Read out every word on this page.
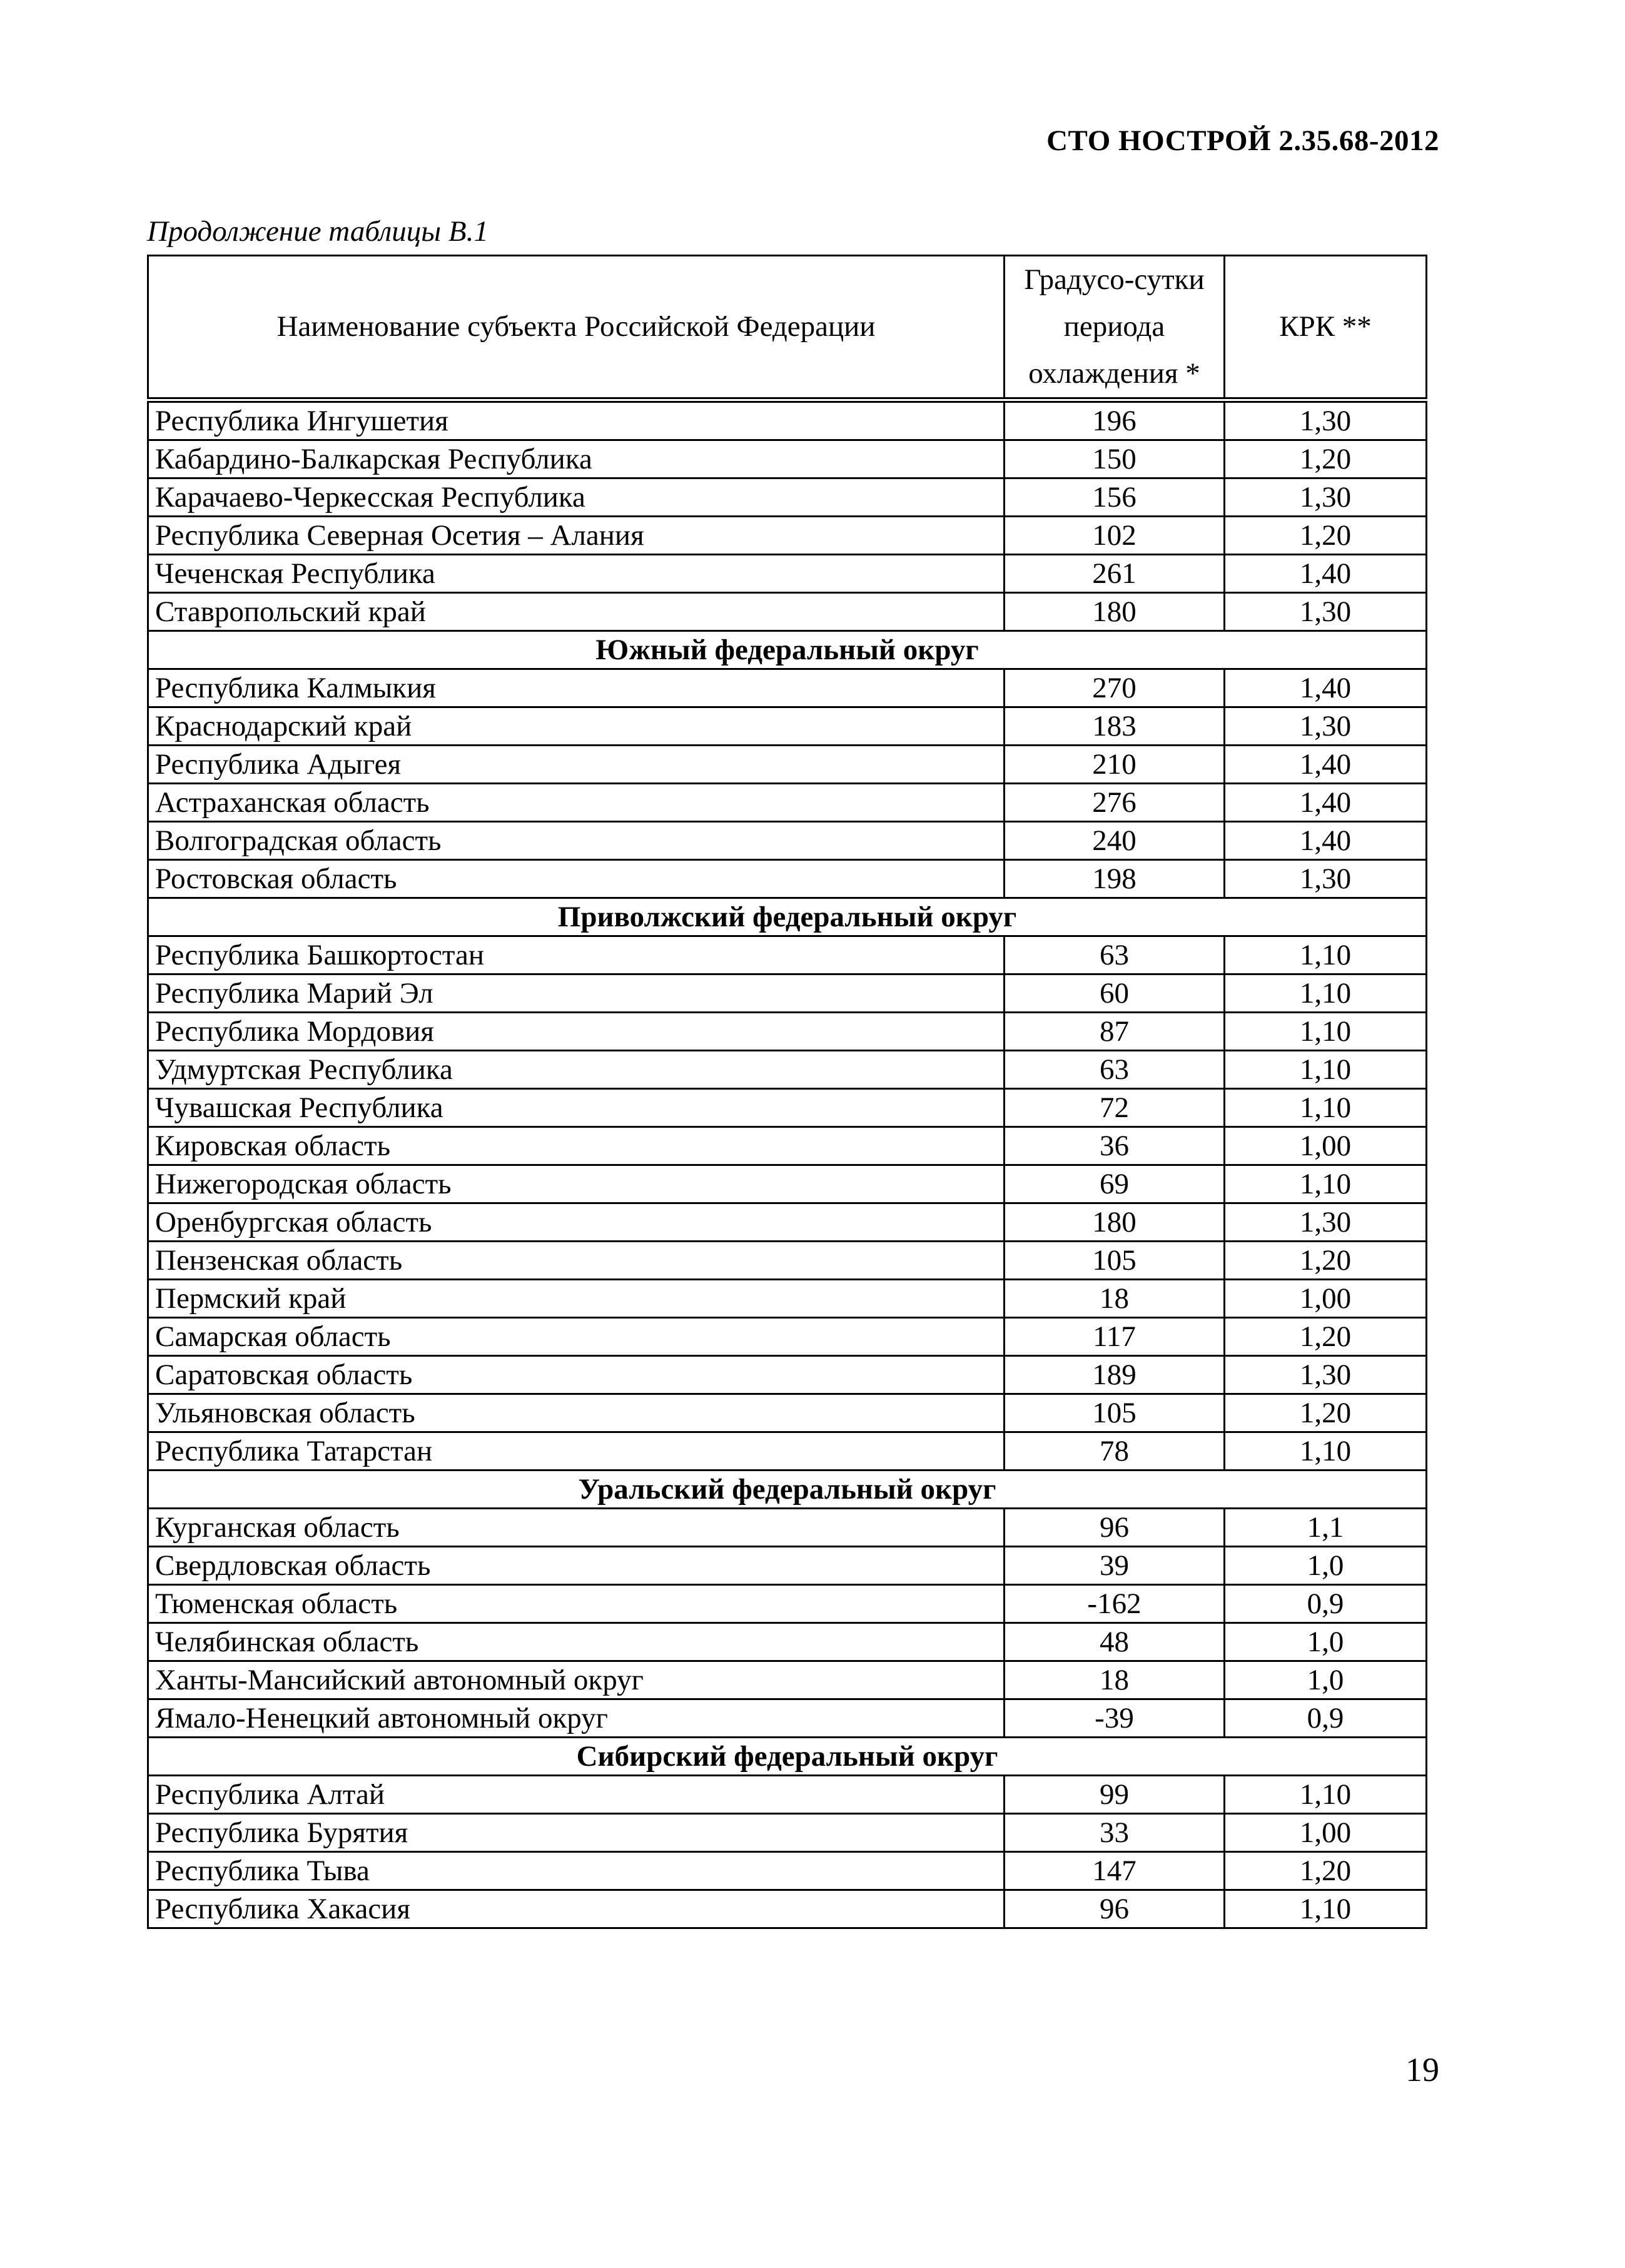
СТО НОСТРОЙ 2.35.68-2012
Продолжение таблицы В.1
Наименование субъекта Российской Федерации	Градусо-сутки периода охлаждения *	КРК **
Республика Ингушетия	196	1,30
Кабардино-Балкарская Республика	150	1,20
Карачаево-Черкесская Республика	156	1,30
Республика Северная Осетия – Алания	102	1,20
Чеченская Республика	261	1,40
Ставропольский край	180	1,30
Южный федеральный округ		
Республика Калмыкия	270	1,40
Краснодарский край	183	1,30
Республика Адыгея	210	1,40
Астраханская область	276	1,40
Волгоградская область	240	1,40
Ростовская область	198	1,30
Приволжский федеральный округ		
Республика Башкортостан	63	1,10
Республика Марий Эл	60	1,10
Республика Мордовия	87	1,10
Удмуртская Республика	63	1,10
Чувашская Республика	72	1,10
Кировская область	36	1,00
Нижегородская область	69	1,10
Оренбургская область	180	1,30
Пензенская область	105	1,20
Пермский край	18	1,00
Самарская область	117	1,20
Саратовская область	189	1,30
Ульяновская область	105	1,20
Республика Татарстан	78	1,10
Уральский федеральный округ		
Курганская область	96	1,1
Свердловская область	39	1,0
Тюменская область	-162	0,9
Челябинская область	48	1,0
Ханты-Мансийский автономный округ	18	1,0
Ямало-Ненецкий автономный округ	-39	0,9
Сибирский федеральный округ		
Республика Алтай	99	1,10
Республика Бурятия	33	1,00
Республика Тыва	147	1,20
Республика Хакасия	96	1,10
19
